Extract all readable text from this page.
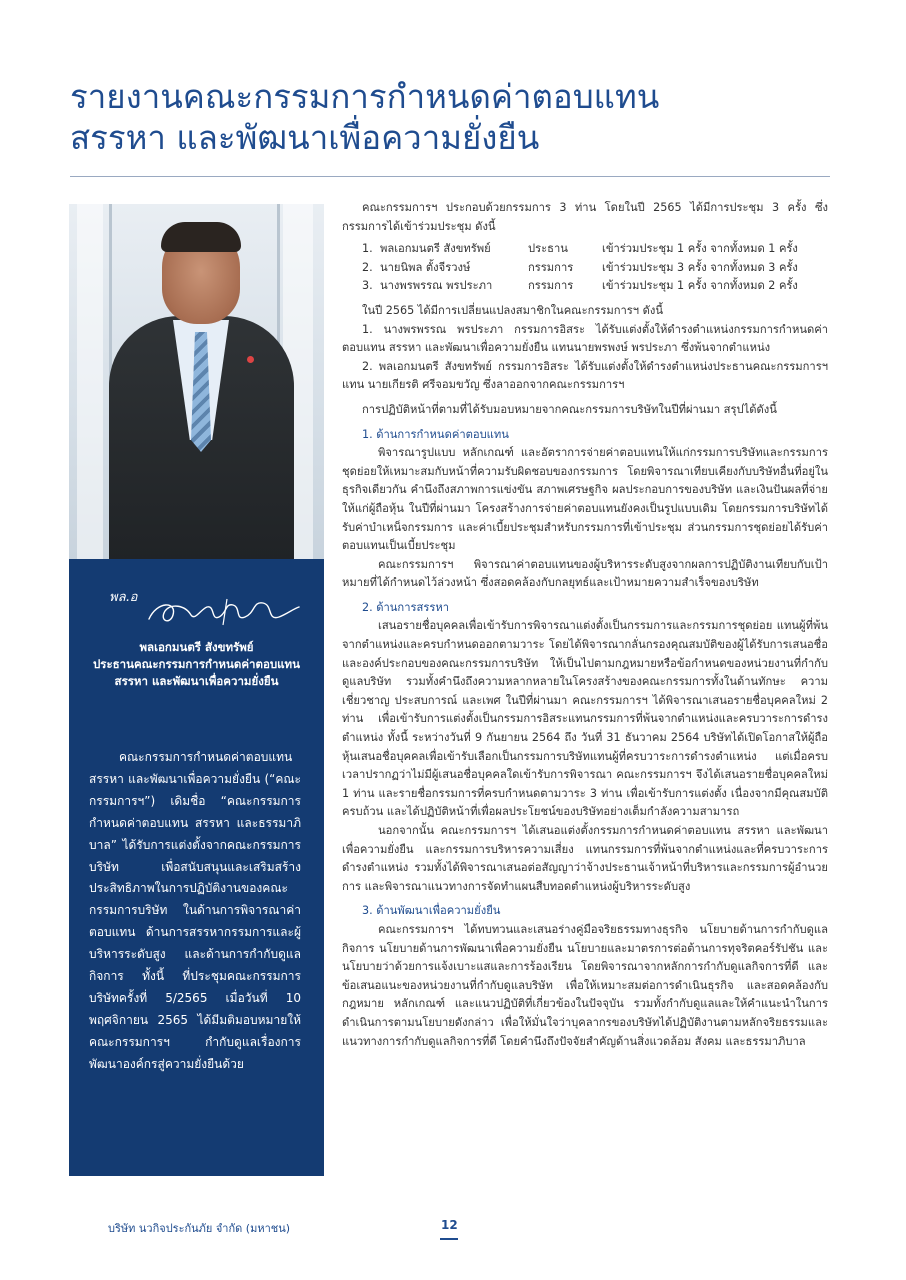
รายงานคณะกรรมการกำหนดค่าตอบแทน
สรรหา และพัฒนาเพื่อความยั่งยืน
พล.อ
พลเอกมนตรี สังขทรัพย์
ประธานคณะกรรมการกำหนดค่าตอบแทน
สรรหา และพัฒนาเพื่อความยั่งยืน

คณะกรรมการกำหนดค่าตอบแทน สรรหา และพัฒนาเพื่อความยั่งยืน (“คณะกรรมการฯ”) เดิมชื่อ “คณะกรรมการกำหนดค่าตอบแทน สรรหา และธรรมาภิบาล” ได้รับการแต่งตั้งจากคณะกรรมการบริษัท เพื่อสนับสนุนและเสริมสร้างประสิทธิภาพในการปฏิบัติงานของคณะกรรมการบริษัท ในด้านการพิจารณาค่าตอบแทน ด้านการสรรหากรรมการและผู้บริหารระดับสูง และด้านการกำกับดูแลกิจการ ทั้งนี้ ที่ประชุมคณะกรรมการบริษัทครั้งที่ 5/2565 เมื่อวันที่ 10 พฤศจิกายน 2565 ได้มีมติมอบหมายให้คณะกรรมการฯ กำกับดูแลเรื่องการพัฒนาองค์กรสู่ความยั่งยืนด้วย

คณะกรรมการฯ ประกอบด้วยกรรมการ 3 ท่าน โดยในปี 2565 ได้มีการประชุม 3 ครั้ง ซึ่งกรรมการได้เข้าร่วมประชุม ดังนี้

1. พลเอกมนตรี สังขทรัพย์	ประธาน	เข้าร่วมประชุม 1 ครั้ง จากทั้งหมด 1 ครั้ง
2. นายนิพล ตั้งจีรวงษ์	กรรมการ	เข้าร่วมประชุม 3 ครั้ง จากทั้งหมด 3 ครั้ง
3. นางพรพรรณ พรประภา	กรรมการ	เข้าร่วมประชุม 1 ครั้ง จากทั้งหมด 2 ครั้ง

ในปี 2565 ได้มีการเปลี่ยนแปลงสมาชิกในคณะกรรมการฯ ดังนี้

1. นางพรพรรณ พรประภา กรรมการอิสระ ได้รับแต่งตั้งให้ดำรงตำแหน่งกรรมการกำหนดค่าตอบแทน สรรหา และพัฒนาเพื่อความยั่งยืน แทนนายพรพงษ์ พรประภา ซึ่งพ้นจากตำแหน่ง

2. พลเอกมนตรี สังขทรัพย์ กรรมการอิสระ ได้รับแต่งตั้งให้ดำรงตำแหน่งประธานคณะกรรมการฯ แทน นายเกียรติ ศรีจอมขวัญ ซึ่งลาออกจากคณะกรรมการฯ

การปฏิบัติหน้าที่ตามที่ได้รับมอบหมายจากคณะกรรมการบริษัทในปีที่ผ่านมา สรุปได้ดังนี้

1. ด้านการกำหนดค่าตอบแทน

พิจารณารูปแบบ หลักเกณฑ์ และอัตราการจ่ายค่าตอบแทนให้แก่กรรมการบริษัทและกรรมการชุดย่อยให้เหมาะสมกับหน้าที่ความรับผิดชอบของกรรมการ โดยพิจารณาเทียบเคียงกับบริษัทอื่นที่อยู่ในธุรกิจเดียวกัน คำนึงถึงสภาพการแข่งขัน สภาพเศรษฐกิจ ผลประกอบการของบริษัท และเงินปันผลที่จ่ายให้แก่ผู้ถือหุ้น ในปีที่ผ่านมา โครงสร้างการจ่ายค่าตอบแทนยังคงเป็นรูปแบบเดิม โดยกรรมการบริษัทได้รับค่าบำเหน็จกรรมการ และค่าเบี้ยประชุมสำหรับกรรมการที่เข้าประชุม ส่วนกรรมการชุดย่อยได้รับค่าตอบแทนเป็นเบี้ยประชุม

คณะกรรมการฯ พิจารณาค่าตอบแทนของผู้บริหารระดับสูงจากผลการปฏิบัติงานเทียบกับเป้าหมายที่ได้กำหนดไว้ล่วงหน้า ซึ่งสอดคล้องกับกลยุทธ์และเป้าหมายความสำเร็จของบริษัท

2. ด้านการสรรหา

เสนอรายชื่อบุคคลเพื่อเข้ารับการพิจารณาแต่งตั้งเป็นกรรมการและกรรมการชุดย่อย แทนผู้ที่พ้นจากตำแหน่งและครบกำหนดออกตามวาระ โดยได้พิจารณากลั่นกรองคุณสมบัติของผู้ได้รับการเสนอชื่อ และองค์ประกอบของคณะกรรมการบริษัท ให้เป็นไปตามกฎหมายหรือข้อกำหนดของหน่วยงานที่กำกับดูแลบริษัท รวมทั้งคำนึงถึงความหลากหลายในโครงสร้างของคณะกรรมการทั้งในด้านทักษะ ความเชี่ยวชาญ ประสบการณ์ และเพศ ในปีที่ผ่านมา คณะกรรมการฯ ได้พิจารณาเสนอรายชื่อบุคคลใหม่ 2 ท่าน เพื่อเข้ารับการแต่งตั้งเป็นกรรมการอิสระแทนกรรมการที่พ้นจากตำแหน่งและครบวาระการดำรงตำแหน่ง ทั้งนี้ ระหว่างวันที่ 9 กันยายน 2564 ถึง วันที่ 31 ธันวาคม 2564 บริษัทได้เปิดโอกาสให้ผู้ถือหุ้นเสนอชื่อบุคคลเพื่อเข้ารับเลือกเป็นกรรมการบริษัทแทนผู้ที่ครบวาระการดำรงตำแหน่ง แต่เมื่อครบเวลาปรากฏว่าไม่มีผู้เสนอชื่อบุคคลใดเข้ารับการพิจารณา คณะกรรมการฯ จึงได้เสนอรายชื่อบุคคลใหม่ 1 ท่าน และรายชื่อกรรมการที่ครบกำหนดตามวาระ 3 ท่าน เพื่อเข้ารับการแต่งตั้ง เนื่องจากมีคุณสมบัติครบถ้วน และได้ปฏิบัติหน้าที่เพื่อผลประโยชน์ของบริษัทอย่างเต็มกำลังความสามารถ

นอกจากนั้น คณะกรรมการฯ ได้เสนอแต่งตั้งกรรมการกำหนดค่าตอบแทน สรรหา และพัฒนาเพื่อความยั่งยืน และกรรมการบริหารความเสี่ยง แทนกรรมการที่พ้นจากตำแหน่งและที่ครบวาระการดำรงตำแหน่ง รวมทั้งได้พิจารณาเสนอต่อสัญญาว่าจ้างประธานเจ้าหน้าที่บริหารและกรรมการผู้อำนวยการ และพิจารณาแนวทางการจัดทำแผนสืบทอดตำแหน่งผู้บริหารระดับสูง

3. ด้านพัฒนาเพื่อความยั่งยืน

คณะกรรมการฯ ได้ทบทวนและเสนอร่างคู่มือจริยธรรมทางธุรกิจ นโยบายด้านการกำกับดูแลกิจการ นโยบายด้านการพัฒนาเพื่อความยั่งยืน นโยบายและมาตรการต่อต้านการทุจริตคอร์รัปชัน และนโยบายว่าด้วยการแจ้งเบาะแสและการร้องเรียน โดยพิจารณาจากหลักการกำกับดูแลกิจการที่ดี และข้อเสนอแนะของหน่วยงานที่กำกับดูแลบริษัท เพื่อให้เหมาะสมต่อการดำเนินธุรกิจ และสอดคล้องกับกฎหมาย หลักเกณฑ์ และแนวปฏิบัติที่เกี่ยวข้องในปัจจุบัน รวมทั้งกำกับดูแลและให้คำแนะนำในการดำเนินการตามนโยบายดังกล่าว เพื่อให้มั่นใจว่าบุคลากรของบริษัทได้ปฏิบัติงานตามหลักจริยธรรมและแนวทางการกำกับดูแลกิจการที่ดี โดยคำนึงถึงปัจจัยสำคัญด้านสิ่งแวดล้อม สังคม และธรรมาภิบาล

บริษัท นวกิจประกันภัย จำกัด (มหาชน)	12
